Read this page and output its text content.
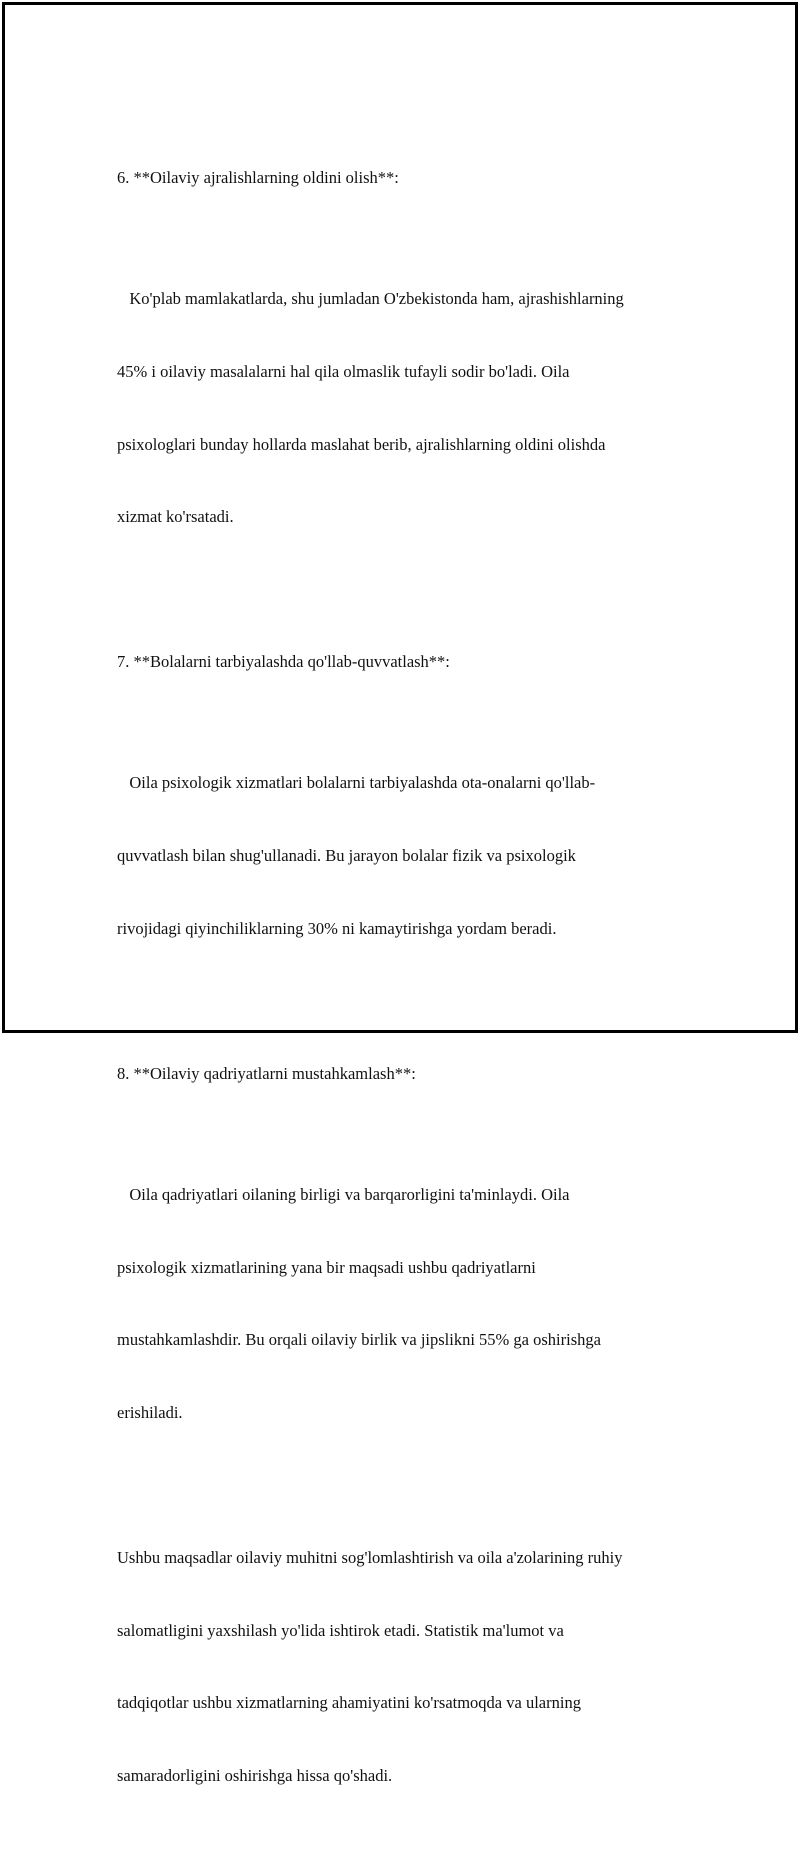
6. **Oilaviy ajralishlarning oldini olish**:

Ko'plab mamlakatlarda, shu jumladan O'zbekistonda ham, ajrashishlarning

45% i oilaviy masalalarni hal qila olmaslik tufayli sodir bo'ladi. Oila

psixologlari bunday hollarda maslahat berib, ajralishlarning oldini olishda

xizmat ko'rsatadi.

7. **Bolalarni tarbiyalashda qo'llab-quvvatlash**:

Oila psixologik xizmatlari bolalarni tarbiyalashda ota-onalarni qo'llab-

quvvatlash bilan shug'ullanadi. Bu jarayon bolalar fizik va psixologik

rivojidagi qiyinchiliklarning 30% ni kamaytirishga yordam beradi.

8. **Oilaviy qadriyatlarni mustahkamlash**:

Oila qadriyatlari oilaning birligi va barqarorligini ta'minlaydi. Oila

psixologik xizmatlarining yana bir maqsadi ushbu qadriyatlarni

mustahkamlashdir. Bu orqali oilaviy birlik va jipslikni 55% ga oshirishga

erishiladi.

Ushbu maqsadlar oilaviy muhitni sog'lomlashtirish va oila a'zolarining ruhiy

salomatligini yaxshilash yo'lida ishtirok etadi. Statistik ma'lumot va

tadqiqotlar ushbu xizmatlarning ahamiyatini ko'rsatmoqda va ularning

samaradorligini oshirishga hissa qo'shadi.
